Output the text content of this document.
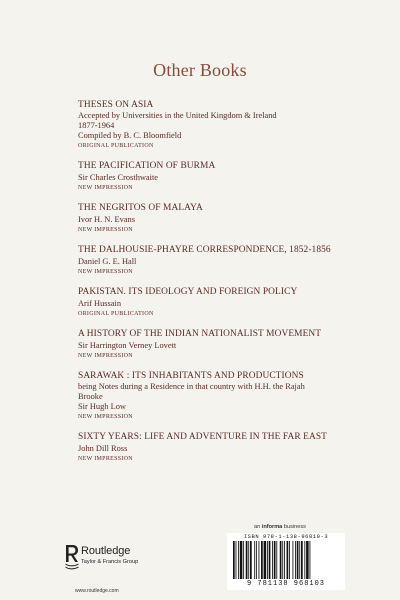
Other Books
THESES ON ASIA
Accepted by Universities in the United Kingdom & Ireland
1877-1964
Compiled by B. C. Bloomfield
ORIGINAL PUBLICATION
THE PACIFICATION OF BURMA
Sir Charles Crosthwaite
NEW IMPRESSION
THE NEGRITOS OF MALAYA
Ivor H. N. Evans
NEW IMPRESSION
THE DALHOUSIE-PHAYRE CORRESPONDENCE, 1852-1856
Daniel G. E. Hall
NEW IMPRESSION
PAKISTAN. ITS IDEOLOGY AND FOREIGN POLICY
Arif Hussain
ORIGINAL PUBLICATION
A HISTORY OF THE INDIAN NATIONALIST MOVEMENT
Sir Harrington Verney Lovett
NEW IMPRESSION
SARAWAK : ITS INHABITANTS AND PRODUCTIONS
being Notes during a Residence in that country with H.H. the Rajah
Brooke
Sir Hugh Low
NEW IMPRESSION
SIXTY YEARS: LIFE AND ADVENTURE IN THE FAR EAST
John Dill Ross
NEW IMPRESSION
an informa business
Routledge
Taylor & Francis Group
www.routledge.com
ISBN 978-1-138-96810-3
9 781138 968103
